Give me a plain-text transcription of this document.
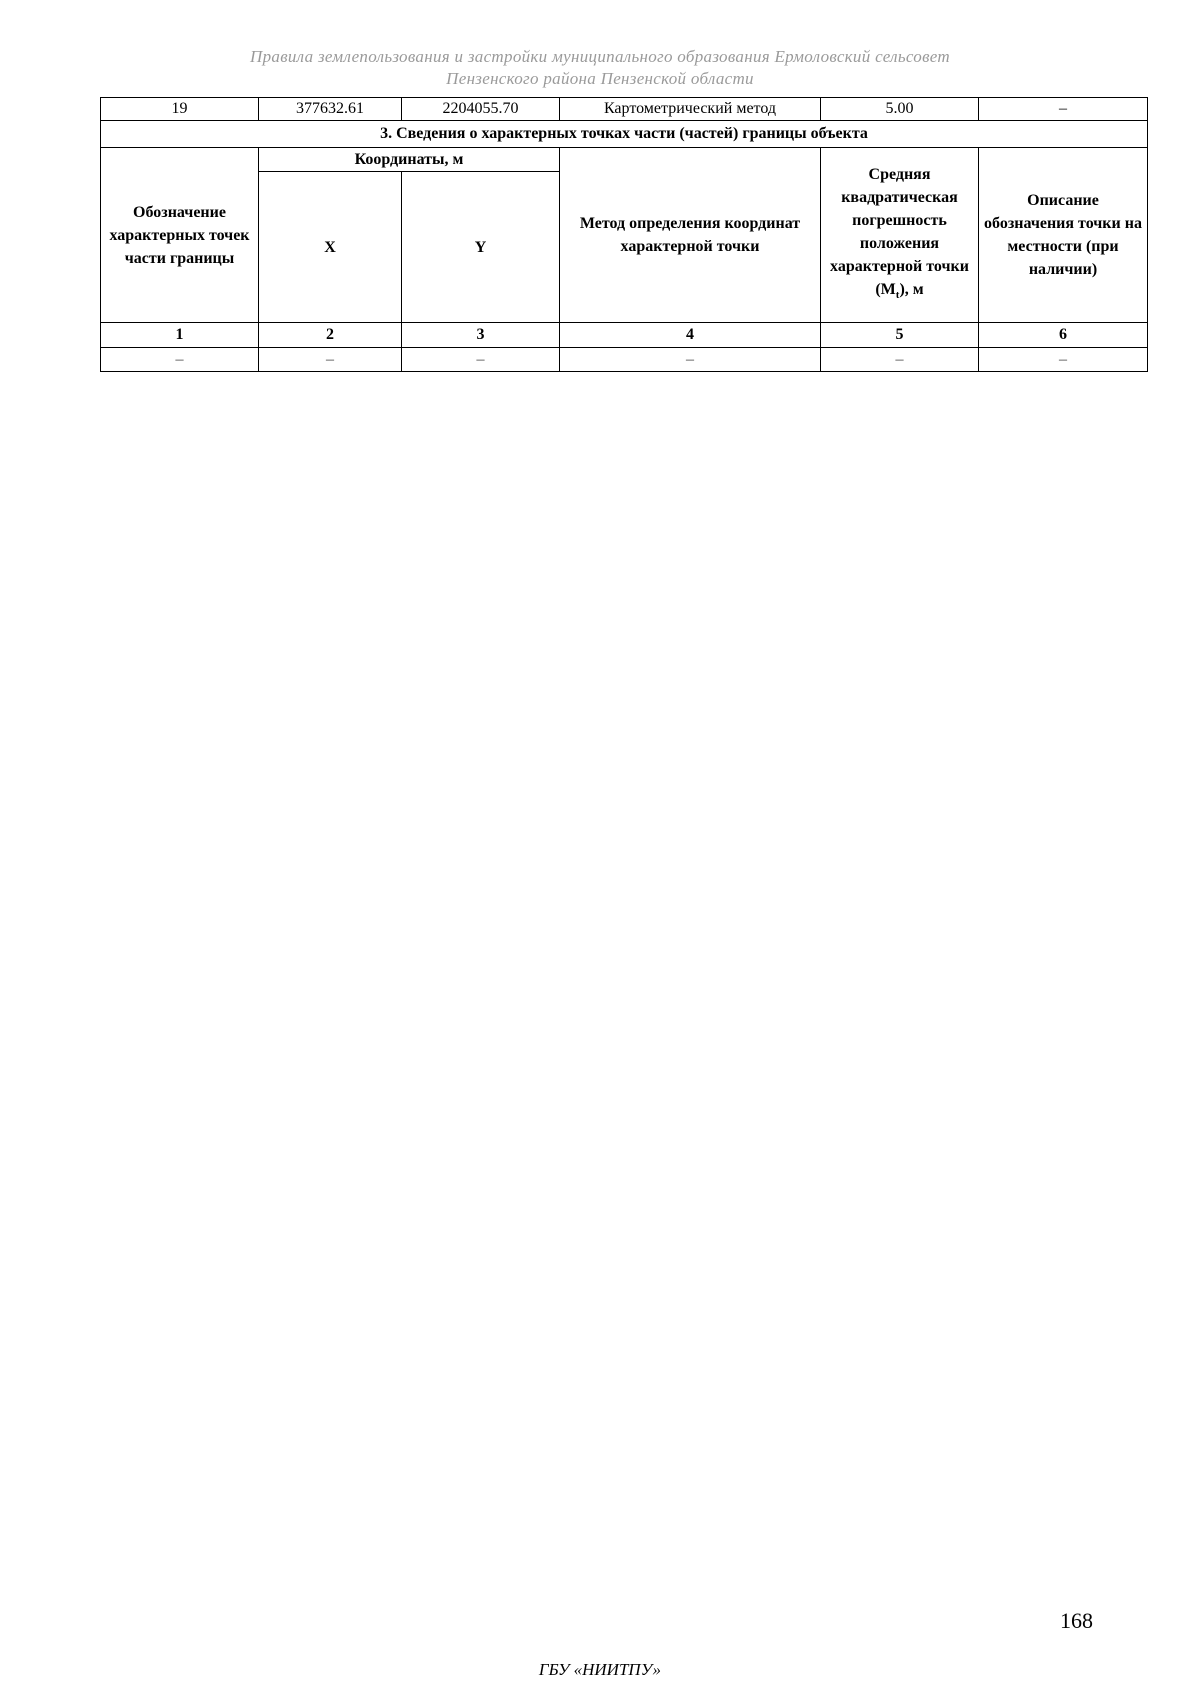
Правила землепользования и застройки муниципального образования Ермоловский сельсовет
Пензенского района Пензенской области
19	377632.61	2204055.70	Картометрический метод	5.00	–
3. Сведения о характерных точках части (частей) границы объекта					
Обозначение характерных точек части границы	Координаты, м		Метод определения координат характерной точки	Средняя квадратическая погрешность положения характерной точки $(M_t)$, м	Описание обозначения точки на местности (при наличии)
	X	Y			
1	2	3	4	5	6
–	–	–	–	–	–
168
ГБУ «НИИТПУ»
